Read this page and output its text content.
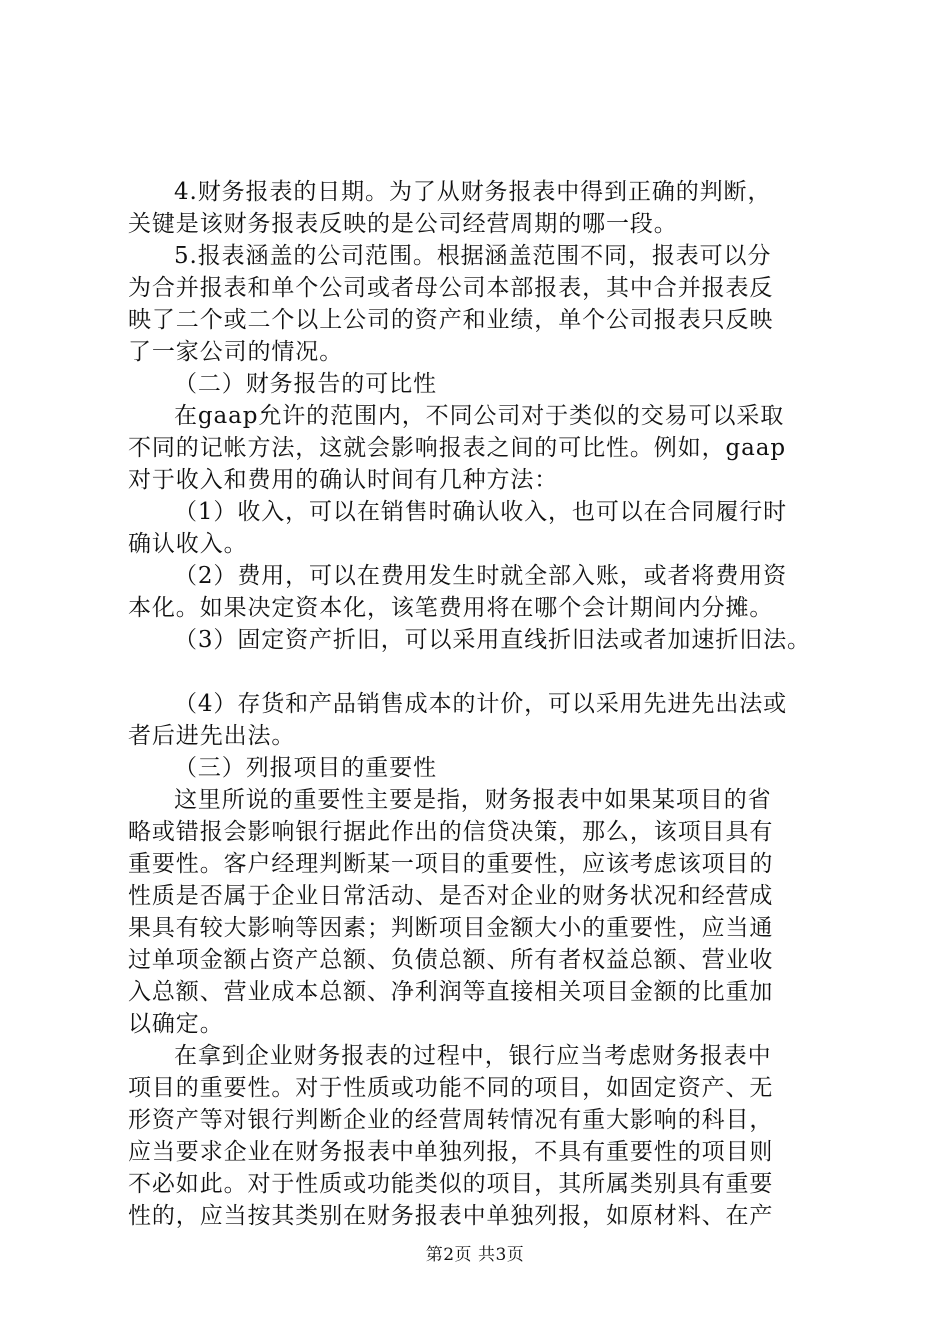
4.财务报表的日期。为了从财务报表中得到正确的判断，
关键是该财务报表反映的是公司经营周期的哪一段。
5.报表涵盖的公司范围。根据涵盖范围不同，报表可以分
为合并报表和单个公司或者母公司本部报表，其中合并报表反
映了二个或二个以上公司的资产和业绩，单个公司报表只反映
了一家公司的情况。
（二）财务报告的可比性
在gaap允许的范围内，不同公司对于类似的交易可以采取
不同的记帐方法，这就会影响报表之间的可比性。例如，gaap
对于收入和费用的确认时间有几种方法：
（1）收入，可以在销售时确认收入，也可以在合同履行时
确认收入。
（2）费用，可以在费用发生时就全部入账，或者将费用资
本化。如果决定资本化，该笔费用将在哪个会计期间内分摊。
（3）固定资产折旧，可以采用直线折旧法或者加速折旧法。
（4）存货和产品销售成本的计价，可以采用先进先出法或
者后进先出法。
（三）列报项目的重要性
这里所说的重要性主要是指，财务报表中如果某项目的省
略或错报会影响银行据此作出的信贷决策，那么，该项目具有
重要性。客户经理判断某一项目的重要性，应该考虑该项目的
性质是否属于企业日常活动、是否对企业的财务状况和经营成
果具有较大影响等因素；判断项目金额大小的重要性，应当通
过单项金额占资产总额、负债总额、所有者权益总额、营业收
入总额、营业成本总额、净利润等直接相关项目金额的比重加
以确定。
在拿到企业财务报表的过程中，银行应当考虑财务报表中
项目的重要性。对于性质或功能不同的项目，如固定资产、无
形资产等对银行判断企业的经营周转情况有重大影响的科目，
应当要求企业在财务报表中单独列报，不具有重要性的项目则
不必如此。对于性质或功能类似的项目，其所属类别具有重要
性的，应当按其类别在财务报表中单独列报，如原材料、在产
第2页 共3页
